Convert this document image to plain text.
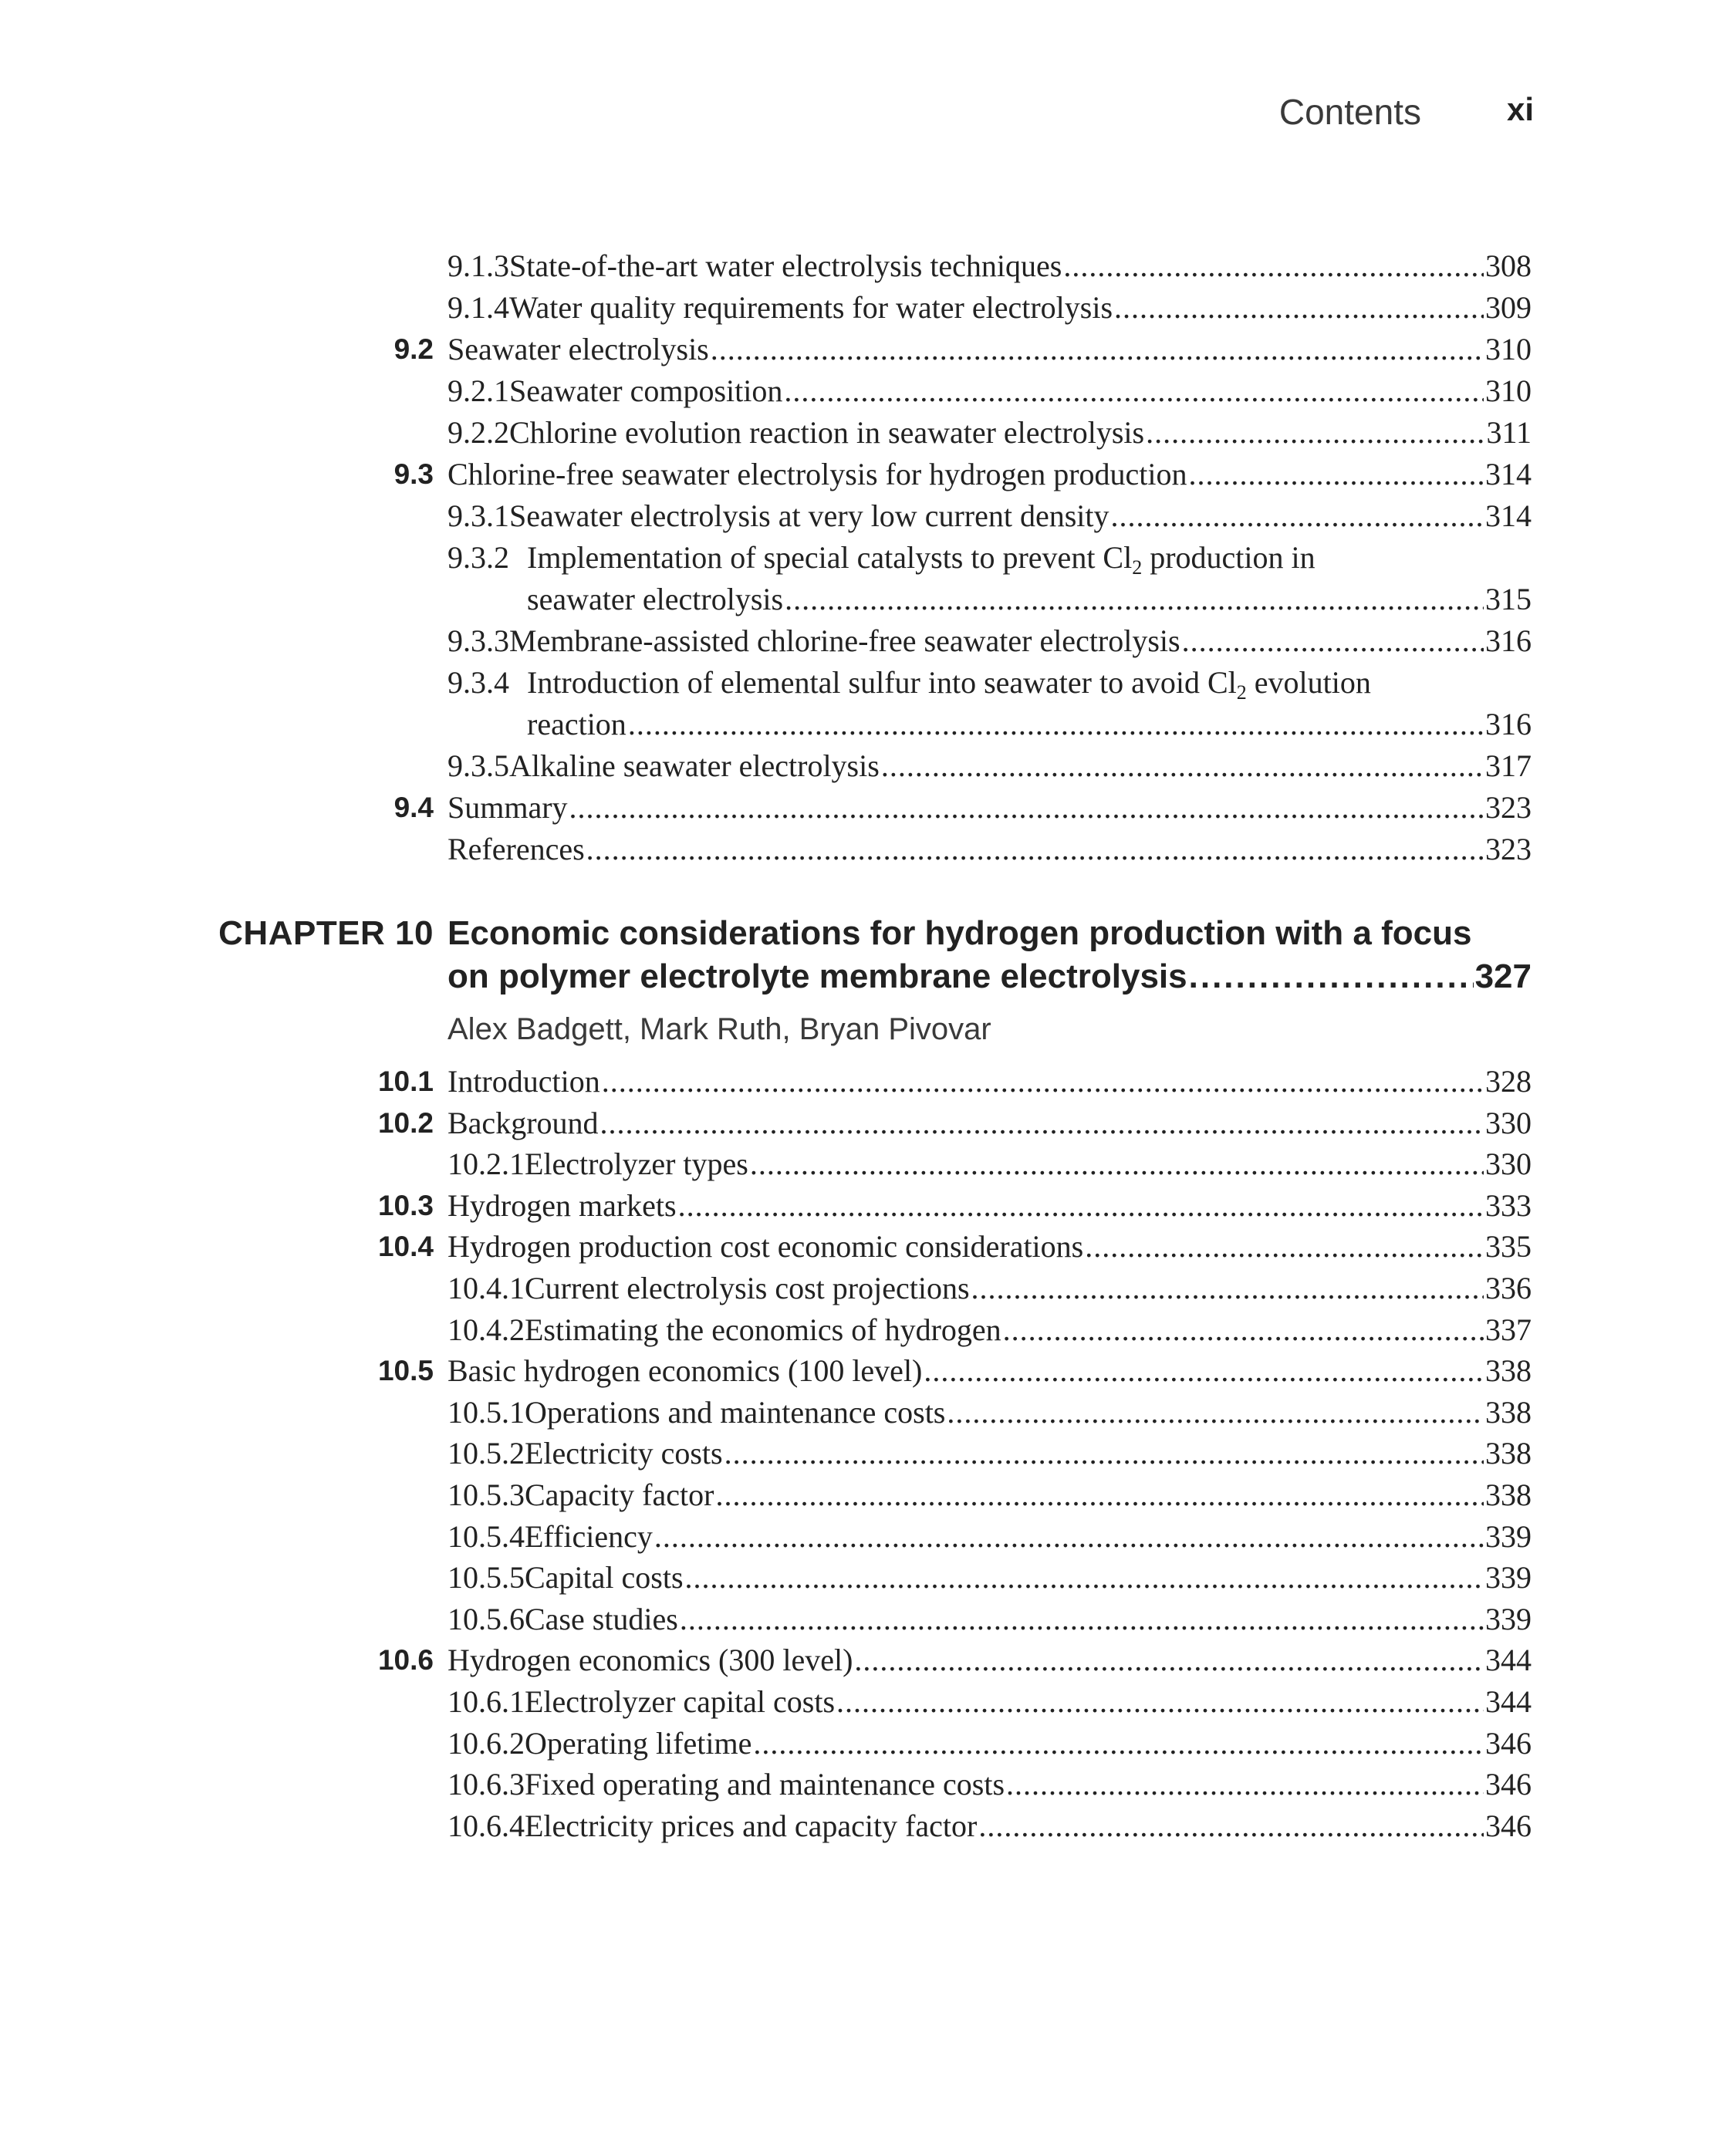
Contents	xi
9.1.3 State-of-the-art water electrolysis techniques .....	308
9.1.4 Water quality requirements for water electrolysis .....	309
9.2 Seawater electrolysis .....	310
9.2.1 Seawater composition .....	310
9.2.2 Chlorine evolution reaction in seawater electrolysis .....	311
9.3 Chlorine-free seawater electrolysis for hydrogen production .....	314
9.3.1 Seawater electrolysis at very low current density .....	314
9.3.2 Implementation of special catalysts to prevent $Cl_2$ production in
seawater electrolysis .....	315
9.3.3 Membrane-assisted chlorine-free seawater electrolysis .....	316
9.3.4 Introduction of elemental sulfur into seawater to avoid $Cl_2$ evolution
reaction .....	316
9.3.5 Alkaline seawater electrolysis .....	317
9.4 Summary .....	323
References .....	323
CHAPTER 10 Economic considerations for hydrogen production with a focus
on polymer electrolyte membrane electrolysis .....	327
Alex Badgett, Mark Ruth, Bryan Pivovar
10.1 Introduction .....	328
10.2 Background .....	330
10.2.1 Electrolyzer types .....	330
10.3 Hydrogen markets .....	333
10.4 Hydrogen production cost economic considerations .....	335
10.4.1 Current electrolysis cost projections .....	336
10.4.2 Estimating the economics of hydrogen .....	337
10.5 Basic hydrogen economics (100 level) .....	338
10.5.1 Operations and maintenance costs .....	338
10.5.2 Electricity costs .....	338
10.5.3 Capacity factor .....	338
10.5.4 Efficiency .....	339
10.5.5 Capital costs .....	339
10.5.6 Case studies .....	339
10.6 Hydrogen economics (300 level) .....	344
10.6.1 Electrolyzer capital costs .....	344
10.6.2 Operating lifetime .....	346
10.6.3 Fixed operating and maintenance costs .....	346
10.6.4 Electricity prices and capacity factor .....	346
